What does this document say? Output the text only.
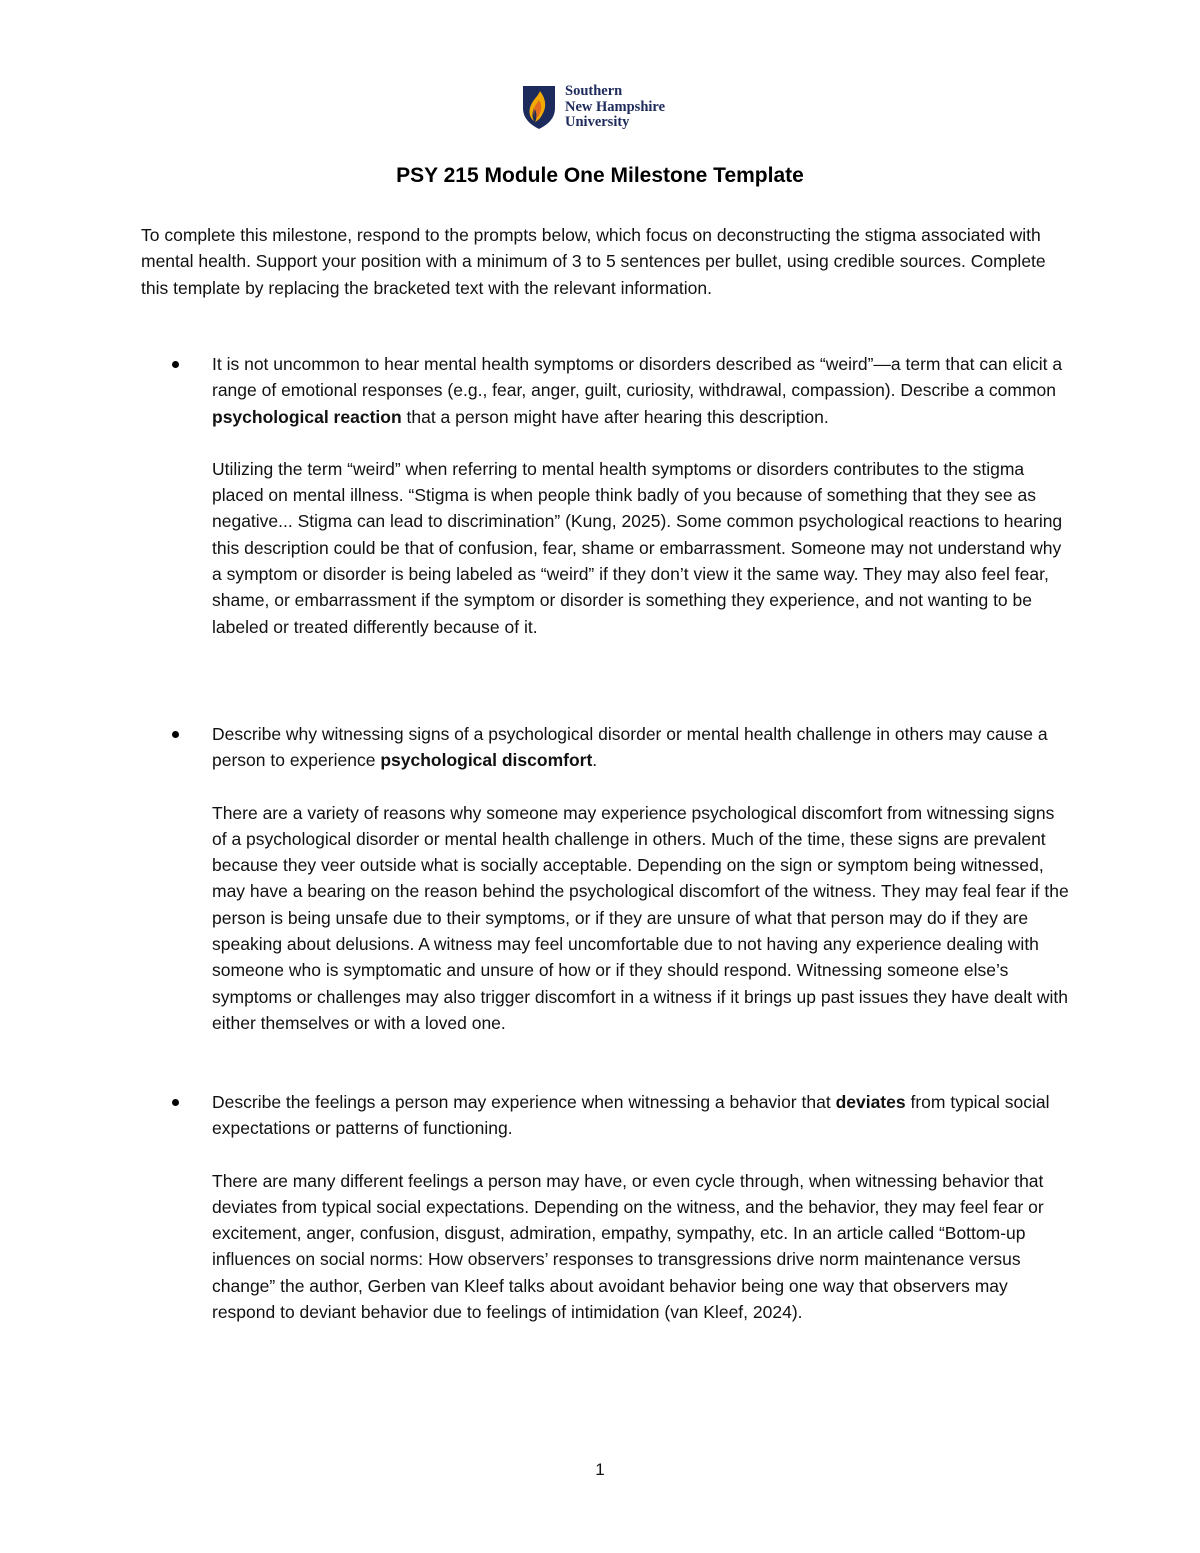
Southern
New Hampshire
University
PSY 215 Module One Milestone Template

To complete this milestone, respond to the prompts below, which focus on deconstructing the stigma associated with mental health. Support your position with a minimum of 3 to 5 sentences per bullet, using credible sources. Complete this template by replacing the bracketed text with the relevant information.

It is not uncommon to hear mental health symptoms or disorders described as “weird”—a term that can elicit a range of emotional responses (e.g., fear, anger, guilt, curiosity, withdrawal, compassion). Describe a common psychological reaction that a person might have after hearing this description.

Utilizing the term “weird” when referring to mental health symptoms or disorders contributes to the stigma placed on mental illness. “Stigma is when people think badly of you because of something that they see as negative... Stigma can lead to discrimination” (Kung, 2025). Some common psychological reactions to hearing this description could be that of confusion, fear, shame or embarrassment. Someone may not understand why a symptom or disorder is being labeled as “weird” if they don’t view it the same way. They may also feel fear, shame, or embarrassment if the symptom or disorder is something they experience, and not wanting to be labeled or treated differently because of it.

Describe why witnessing signs of a psychological disorder or mental health challenge in others may cause a person to experience psychological discomfort.

There are a variety of reasons why someone may experience psychological discomfort from witnessing signs of a psychological disorder or mental health challenge in others. Much of the time, these signs are prevalent because they veer outside what is socially acceptable. Depending on the sign or symptom being witnessed, may have a bearing on the reason behind the psychological discomfort of the witness. They may feal fear if the person is being unsafe due to their symptoms, or if they are unsure of what that person may do if they are speaking about delusions. A witness may feel uncomfortable due to not having any experience dealing with someone who is symptomatic and unsure of how or if they should respond. Witnessing someone else’s symptoms or challenges may also trigger discomfort in a witness if it brings up past issues they have dealt with either themselves or with a loved one.

Describe the feelings a person may experience when witnessing a behavior that deviates from typical social expectations or patterns of functioning.

There are many different feelings a person may have, or even cycle through, when witnessing behavior that deviates from typical social expectations. Depending on the witness, and the behavior, they may feel fear or excitement, anger, confusion, disgust, admiration, empathy, sympathy, etc. In an article called “Bottom-up influences on social norms: How observers’ responses to transgressions drive norm maintenance versus change” the author, Gerben van Kleef talks about avoidant behavior being one way that observers may respond to deviant behavior due to feelings of intimidation (van Kleef, 2024).

1
